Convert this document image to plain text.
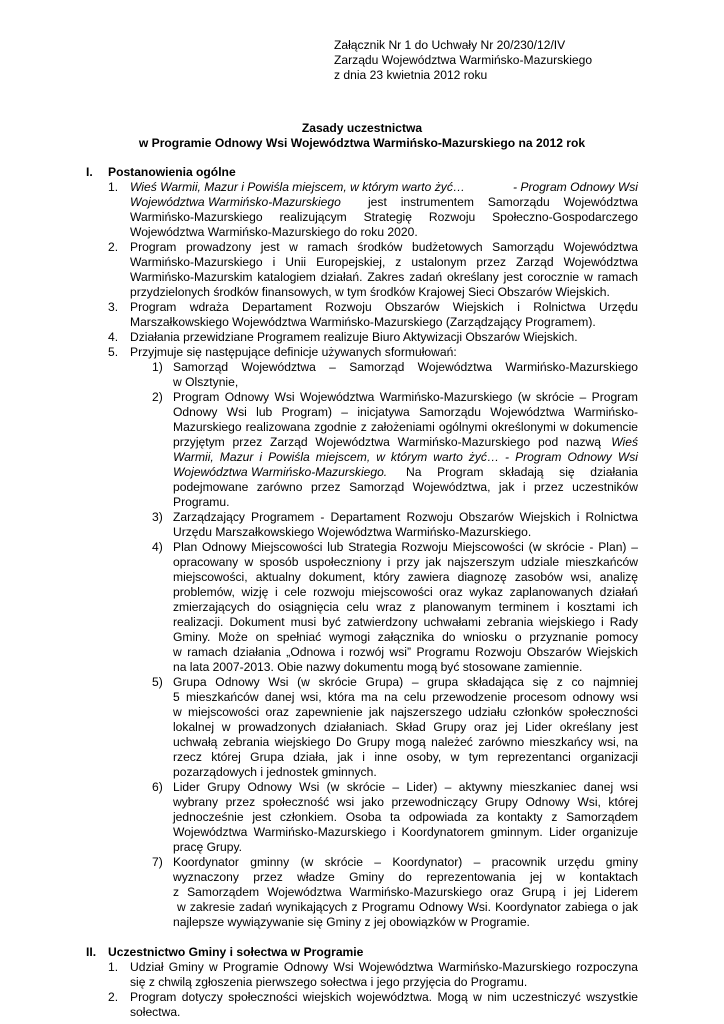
Załącznik Nr 1 do Uchwały Nr 20/230/12/IV

Zarządu Województwa Warmińsko-Mazurskiego

z dnia 23 kwietnia 2012 roku

Zasady uczestnictwa

w Programie Odnowy Wsi Województwa Warmińsko-Mazurskiego na 2012 rok

I. Postanowienia ogólne

1. Wieś Warmii, Mazur i Powiśla miejscem, w którym warto żyć…	- Program Odnowy Wsi
Województwa Warmińsko-Mazurskiego jest instrumentem Samorządu Województwa

Warmińsko-Mazurskiego realizującym Strategię Rozwoju Społeczno-Gospodarczego

Województwa Warmińsko-Mazurskiego do roku 2020.

2. Program prowadzony jest w ramach środków budżetowych Samorządu Województwa

Warmińsko-Mazurskiego i Unii Europejskiej, z ustalonym przez Zarząd Województwa

Warmińsko-Mazurskim katalogiem działań. Zakres zadań określany jest corocznie w ramach

przydzielonych środków finansowych, w tym środków Krajowej Sieci Obszarów Wiejskich.

3. Program wdraża Departament Rozwoju Obszarów Wiejskich i Rolnictwa Urzędu

Marszałkowskiego Województwa Warmińsko-Mazurskiego (Zarządzający Programem).

4. Działania przewidziane Programem realizuje Biuro Aktywizacji Obszarów Wiejskich.

5. Przyjmuje się następujące definicje używanych sformułowań:

1) Samorząd Województwa – Samorząd Województwa Warmińsko-Mazurskiego

w Olsztynie,

2) Program Odnowy Wsi Województwa Warmińsko-Mazurskiego (w skrócie – Program

Odnowy Wsi lub Program) – inicjatywa Samorządu Województwa Warmińsko-

Mazurskiego realizowana zgodnie z założeniami ogólnymi określonymi w dokumencie

przyjętym przez Zarząd Województwa Warmińsko-Mazurskiego pod nazwą Wieś

Warmii, Mazur i Powiśla miejscem, w którym warto żyć… - Program Odnowy Wsi

Województwa Warmińsko-Mazurskiego. Na Program składają się działania

podejmowane zarówno przez Samorząd Województwa, jak i przez uczestników

Programu.

3) Zarządzający Programem - Departament Rozwoju Obszarów Wiejskich i Rolnictwa

Urzędu Marszałkowskiego Województwa Warmińsko-Mazurskiego.

4) Plan Odnowy Miejscowości lub Strategia Rozwoju Miejscowości (w skrócie - Plan) –

opracowany w sposób uspołeczniony i przy jak najszerszym udziale mieszkańców

miejscowości, aktualny dokument, który zawiera diagnozę zasobów wsi, analizę

problemów, wizję i cele rozwoju miejscowości oraz wykaz zaplanowanych działań

zmierzających do osiągnięcia celu wraz z planowanym terminem i kosztami ich

realizacji. Dokument musi być zatwierdzony uchwałami zebrania wiejskiego i Rady

Gminy. Może on spełniać wymogi załącznika do wniosku o przyznanie pomocy

w ramach działania „Odnowa i rozwój wsi” Programu Rozwoju Obszarów Wiejskich

na lata 2007-2013. Obie nazwy dokumentu mogą być stosowane zamiennie.

5) Grupa Odnowy Wsi (w skrócie Grupa) – grupa składająca się z co najmniej

5 mieszkańców danej wsi, która ma na celu przewodzenie procesom odnowy wsi

w miejscowości oraz zapewnienie jak najszerszego udziału członków społeczności

lokalnej w prowadzonych działaniach. Skład Grupy oraz jej Lider określany jest

uchwałą zebrania wiejskiego Do Grupy mogą należeć zarówno mieszkańcy wsi, na

rzecz której Grupa działa, jak i inne osoby, w tym reprezentanci organizacji

pozarządowych i jednostek gminnych.

6) Lider Grupy Odnowy Wsi (w skrócie – Lider) – aktywny mieszkaniec danej wsi

wybrany przez społeczność wsi jako przewodniczący Grupy Odnowy Wsi, której

jednocześnie jest członkiem. Osoba ta odpowiada za kontakty z Samorządem

Województwa Warmińsko-Mazurskiego i Koordynatorem gminnym. Lider organizuje

pracę Grupy.

7) Koordynator gminny (w skrócie – Koordynator) – pracownik urzędu gminy

wyznaczony przez władze Gminy do reprezentowania jej w kontaktach

z Samorządem Województwa Warmińsko-Mazurskiego oraz Grupą i jej Liderem

w zakresie zadań wynikających z Programu Odnowy Wsi. Koordynator zabiega o jak

najlepsze wywiązywanie się Gminy z jej obowiązków w Programie.

II. Uczestnictwo Gminy i sołectwa w Programie

1. Udział Gminy w Programie Odnowy Wsi Województwa Warmińsko-Mazurskiego rozpoczyna

się z chwilą zgłoszenia pierwszego sołectwa i jego przyjęcia do Programu.

2. Program dotyczy społeczności wiejskich województwa. Mogą w nim uczestniczyć wszystkie

sołectwa.
